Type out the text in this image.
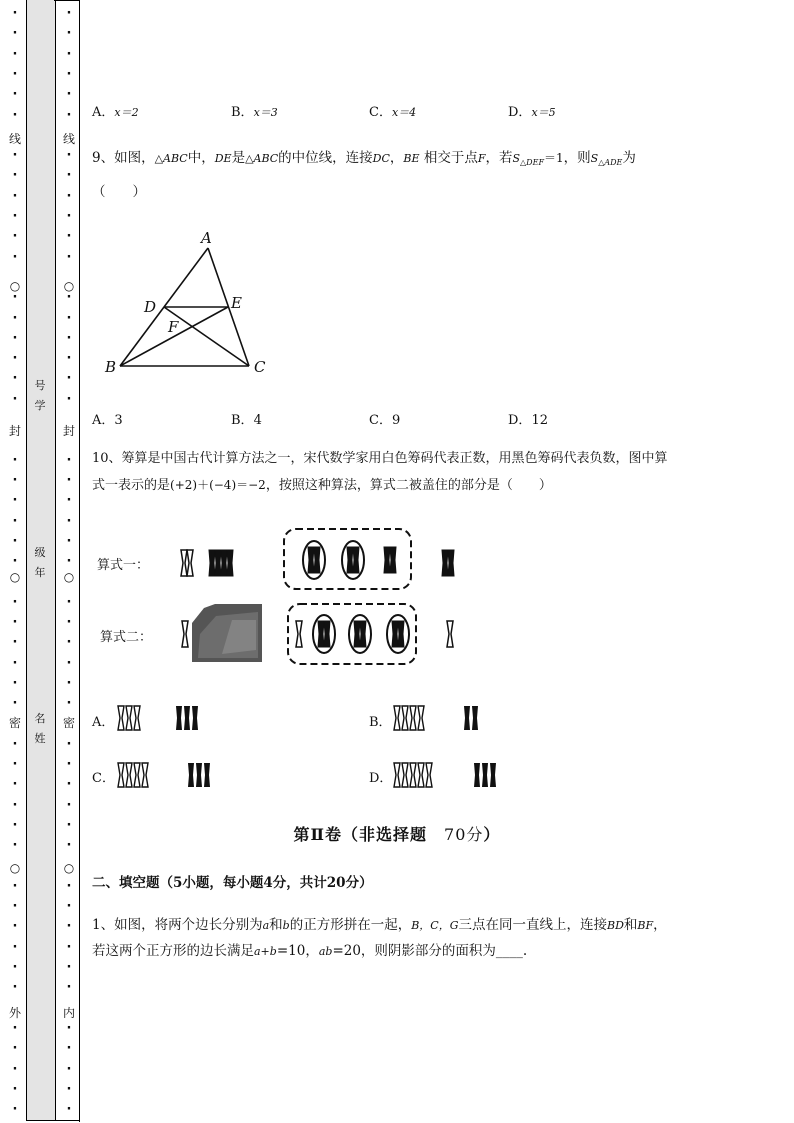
线
○
封
○
密
○
外
·
·
·
·
·
·
·
·
·
·
·
·
·
·
·
·
·
·
·
·
·
·
·
·
·
·
·
·
·
·
·
·
·
·
·
·
·
·
·
·
·
·
·
·
·
·
·
线
○
封
○
密
○
内
·
·
·
·
·
·
·
·
·
·
·
·
·
·
·
·
·
·
·
·
·
·
·
·
·
·
·
·
·
·
·
·
·
·
·
·
·
·
·
·
·
·
·
·
·
·
·
号
学
级
年
名
姓
A．x＝2	B．x＝3	C．x＝4	D．x＝5
9、如图，△ABC中，DE是△ABC的中位线，连接DC，BE 相交于点F，若$S_{\triangle DEF}=1$，则$S_{\triangle ADE}$为
（　　）
A
D	E
F
B	C
A．3	B．4	C．9	D．12
10、筹算是中国古代计算方法之一，宋代数学家用白色筹码代表正数，用黑色筹码代表负数，图中算
式一表示的是(+2)＋(−4)＝−2，按照这种算法，算式二被盖住的部分是（　　）
算式一：
算式二：
A．	B．
C．	D．
第Ⅱ卷（非选择题　70分）
二、填空题（5小题，每小题4分，共计20分）
1、如图，将两个边长分别为a和b的正方形拼在一起，B，C，G三点在同一直线上，连接BD和BF，
若这两个正方形的边长满足a+b=10，ab=20，则阴影部分的面积为____.
